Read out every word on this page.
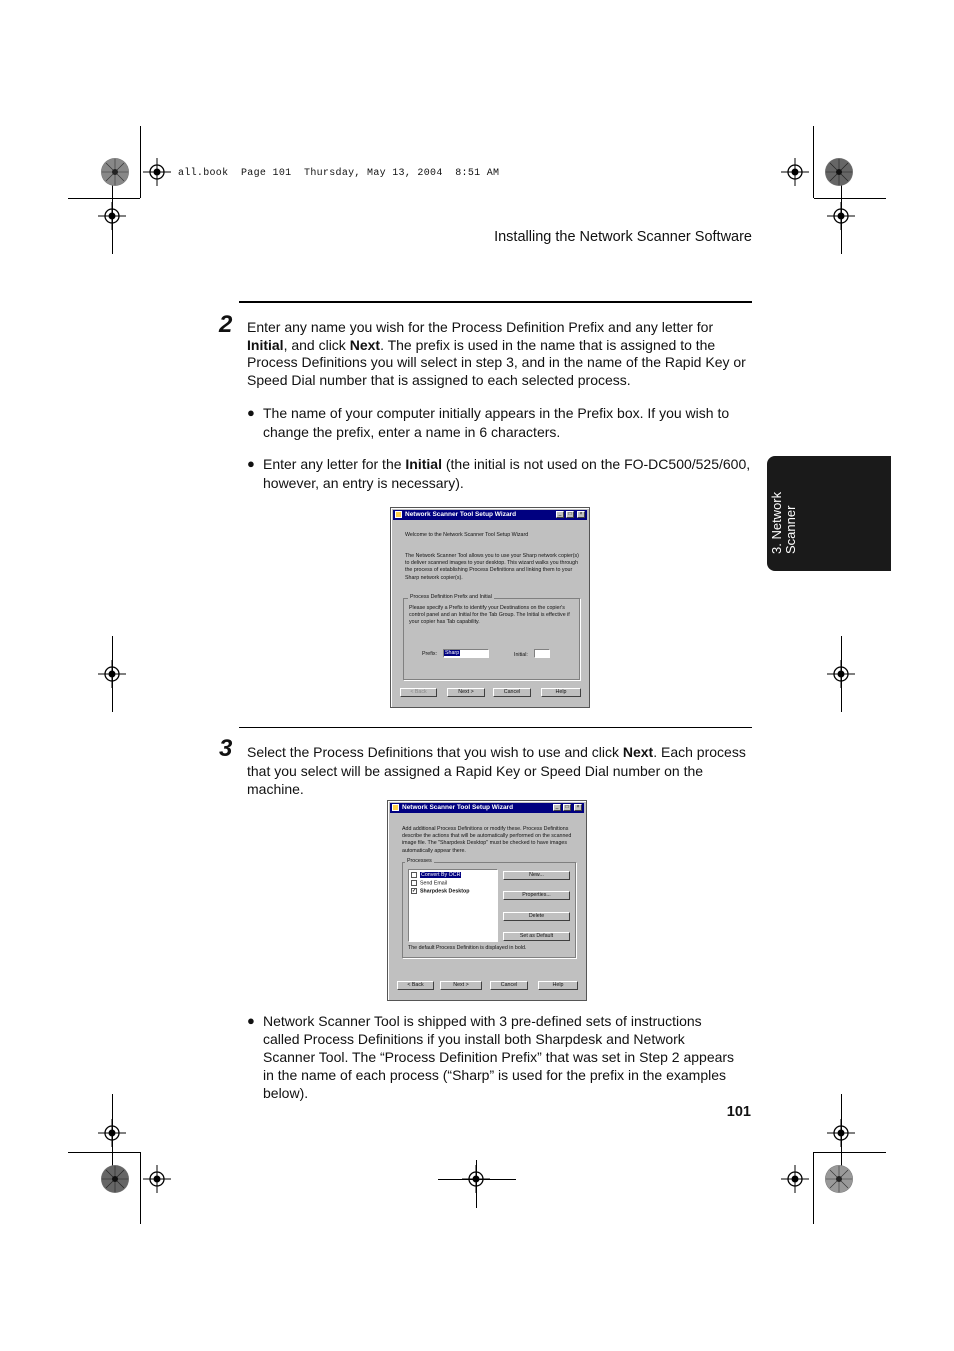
all.book  Page 101  Thursday, May 13, 2004  8:51 AM
Installing the Network Scanner Software
3. Network Scanner
2 Enter any name you wish for the Process Definition Prefix and any letter for Initial, and click Next. The prefix is used in the name that is assigned to the Process Definitions you will select in step 3, and in the name of the Rapid Key or Speed Dial number that is assigned to each selected process.
● The name of your computer initially appears in the Prefix box. If you wish to change the prefix, enter a name in 6 characters.
● Enter any letter for the Initial (the initial is not used on the FO-DC500/525/600, however, an entry is necessary).
Network Scanner Tool Setup Wizard	_	□	×
Welcome to the Network Scanner Tool Setup Wizard
The Network Scanner Tool allows you to use your Sharp network copier(s) to deliver scanned images to your desktop. This wizard walks you through the process of establishing Process Definitions and linking them to your Sharp network copier(s).
Process Definition Prefix and Initial
Please specify a Prefix to identify your Destinations on the copier's control panel and an Initial for the Tab Group. The Initial is effective if your copier has Tab capability.
Prefix:	Sharp	Initial:
< Back	Next >	Cancel	Help
3 Select the Process Definitions that you wish to use and click Next. Each process that you select will be assigned a Rapid Key or Speed Dial number on the machine.
Network Scanner Tool Setup Wizard	_	□	×
Add additional Process Definitions or modify these. Process Definitions describe the actions that will be automatically performed on the scanned image file. The "Sharpdesk Desktop" must be checked to have images automatically appear there.
Processes
Convert By OCR
Send Email
✓ Sharpdesk Desktop
New...
Properties...
Delete
Set as Default
The default Process Definition is displayed in bold.
< Back	Next >	Cancel	Help
● Network Scanner Tool is shipped with 3 pre-defined sets of instructions called Process Definitions if you install both Sharpdesk and Network Scanner Tool. The “Process Definition Prefix” that was set in Step 2 appears in the name of each process (“Sharp” is used for the prefix in the examples below).
101
